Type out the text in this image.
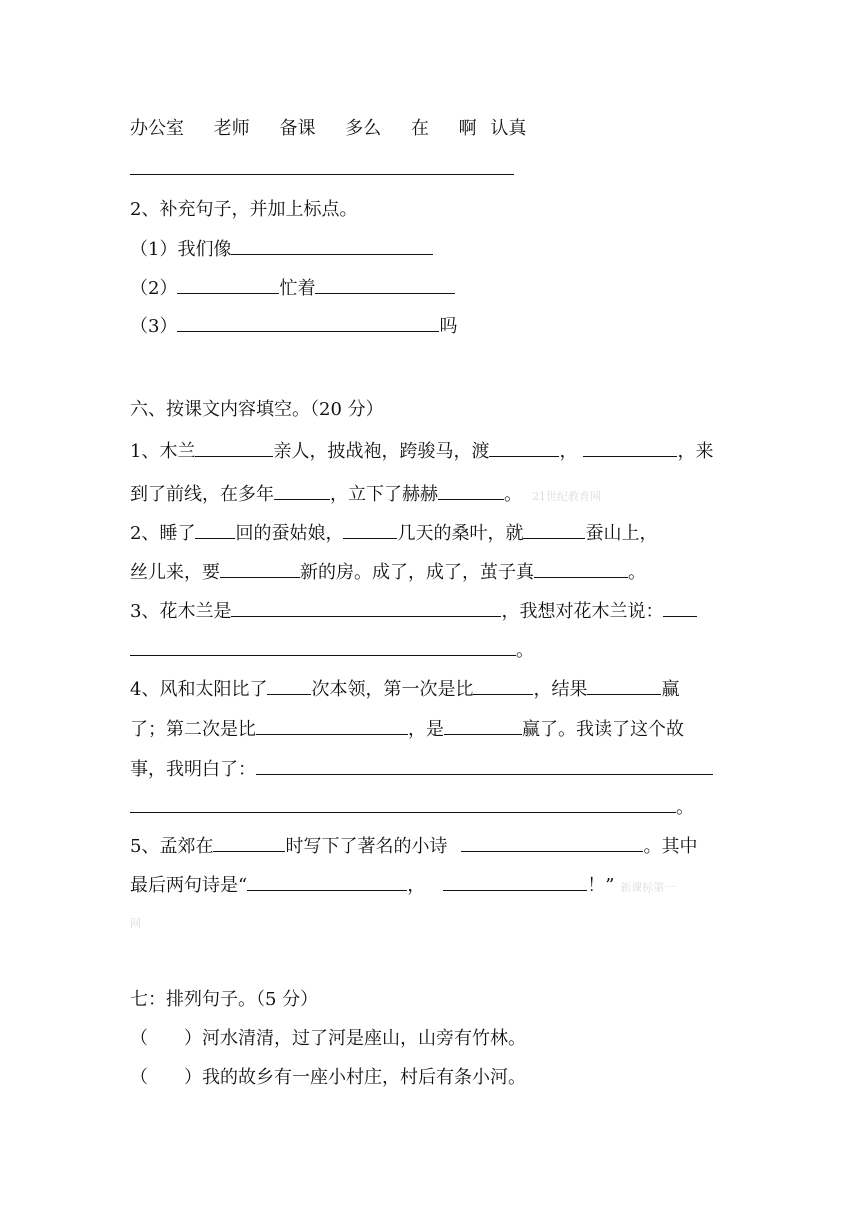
办公室 老师 备课 多么 在 啊 认真
2、补充句子，并加上标点。
（1）我们像
（2）	忙着
（3）	吗
六、按课文内容填空。（20 分）
1、木兰	亲人，披战袍，跨骏马，渡	，	，来
到了前线，在多年	，立下了赫赫	。 21世纪教育网
2、睡了 回的蚕姑娘，	几天的桑叶，就	蚕山上，
丝儿来，要	新的房。成了，成了，茧子真	。
3、花木兰是	，我想对花木兰说：
。
4、风和太阳比了 次本领，第一次是比	，结果	赢
了；第二次是比	，是	赢了。我读了这个故
事，我明白了：
。
5、孟郊在	时写下了著名的小诗	。其中
最后两句诗是“	，	！” 新课标第一
网
七：排列句子。（5 分）
（　　）河水清清，过了河是座山，山旁有竹林。
（　　）我的故乡有一座小村庄，村后有条小河。
